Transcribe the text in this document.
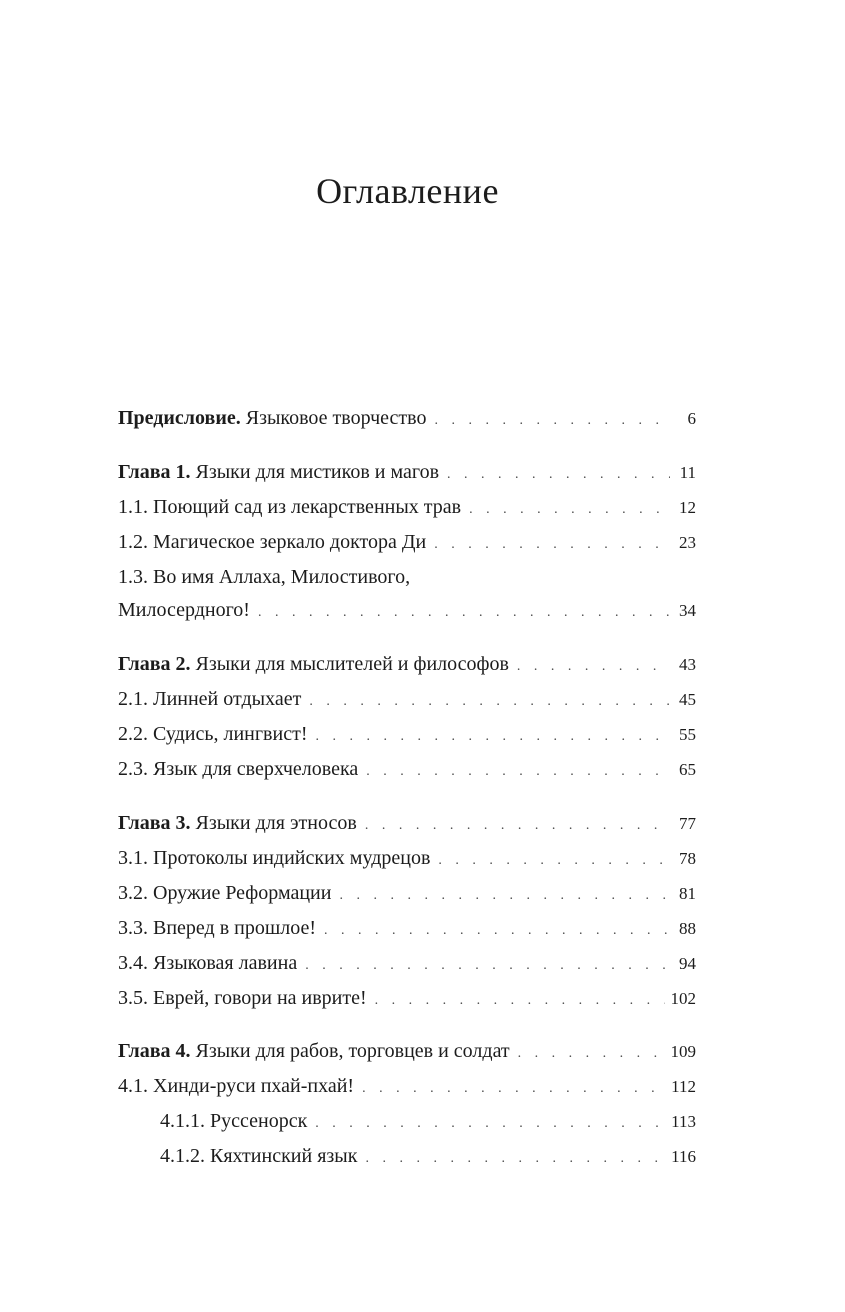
Оглавление
Предисловие. Языковое творчество . . .	6
Глава 1. Языки для мистиков и магов . . .	11
1.1. Поющий сад из лекарственных трав . . .	12
1.2. Магическое зеркало доктора Ди . . .	23
1.3. Во имя Аллаха, Милостивого,
Милосердного! . . .	34
Глава 2. Языки для мыслителей и философов . . .	43
2.1. Линней отдыхает . . .	45
2.2. Судись, лингвист! . . .	55
2.3. Язык для сверхчеловека . . .	65
Глава 3. Языки для этносов . . .	77
3.1. Протоколы индийских мудрецов . . .	78
3.2. Оружие Реформации . . .	81
3.3. Вперед в прошлое! . . .	88
3.4. Языковая лавина . . .	94
3.5. Еврей, говори на иврите! . . .	102
Глава 4. Языки для рабов, торговцев и солдат . . .	109
4.1. Хинди-руси пхай-пхай! . . .	112
4.1.1. Руссенорск . . .	113
4.1.2. Кяхтинский язык . . .	116
